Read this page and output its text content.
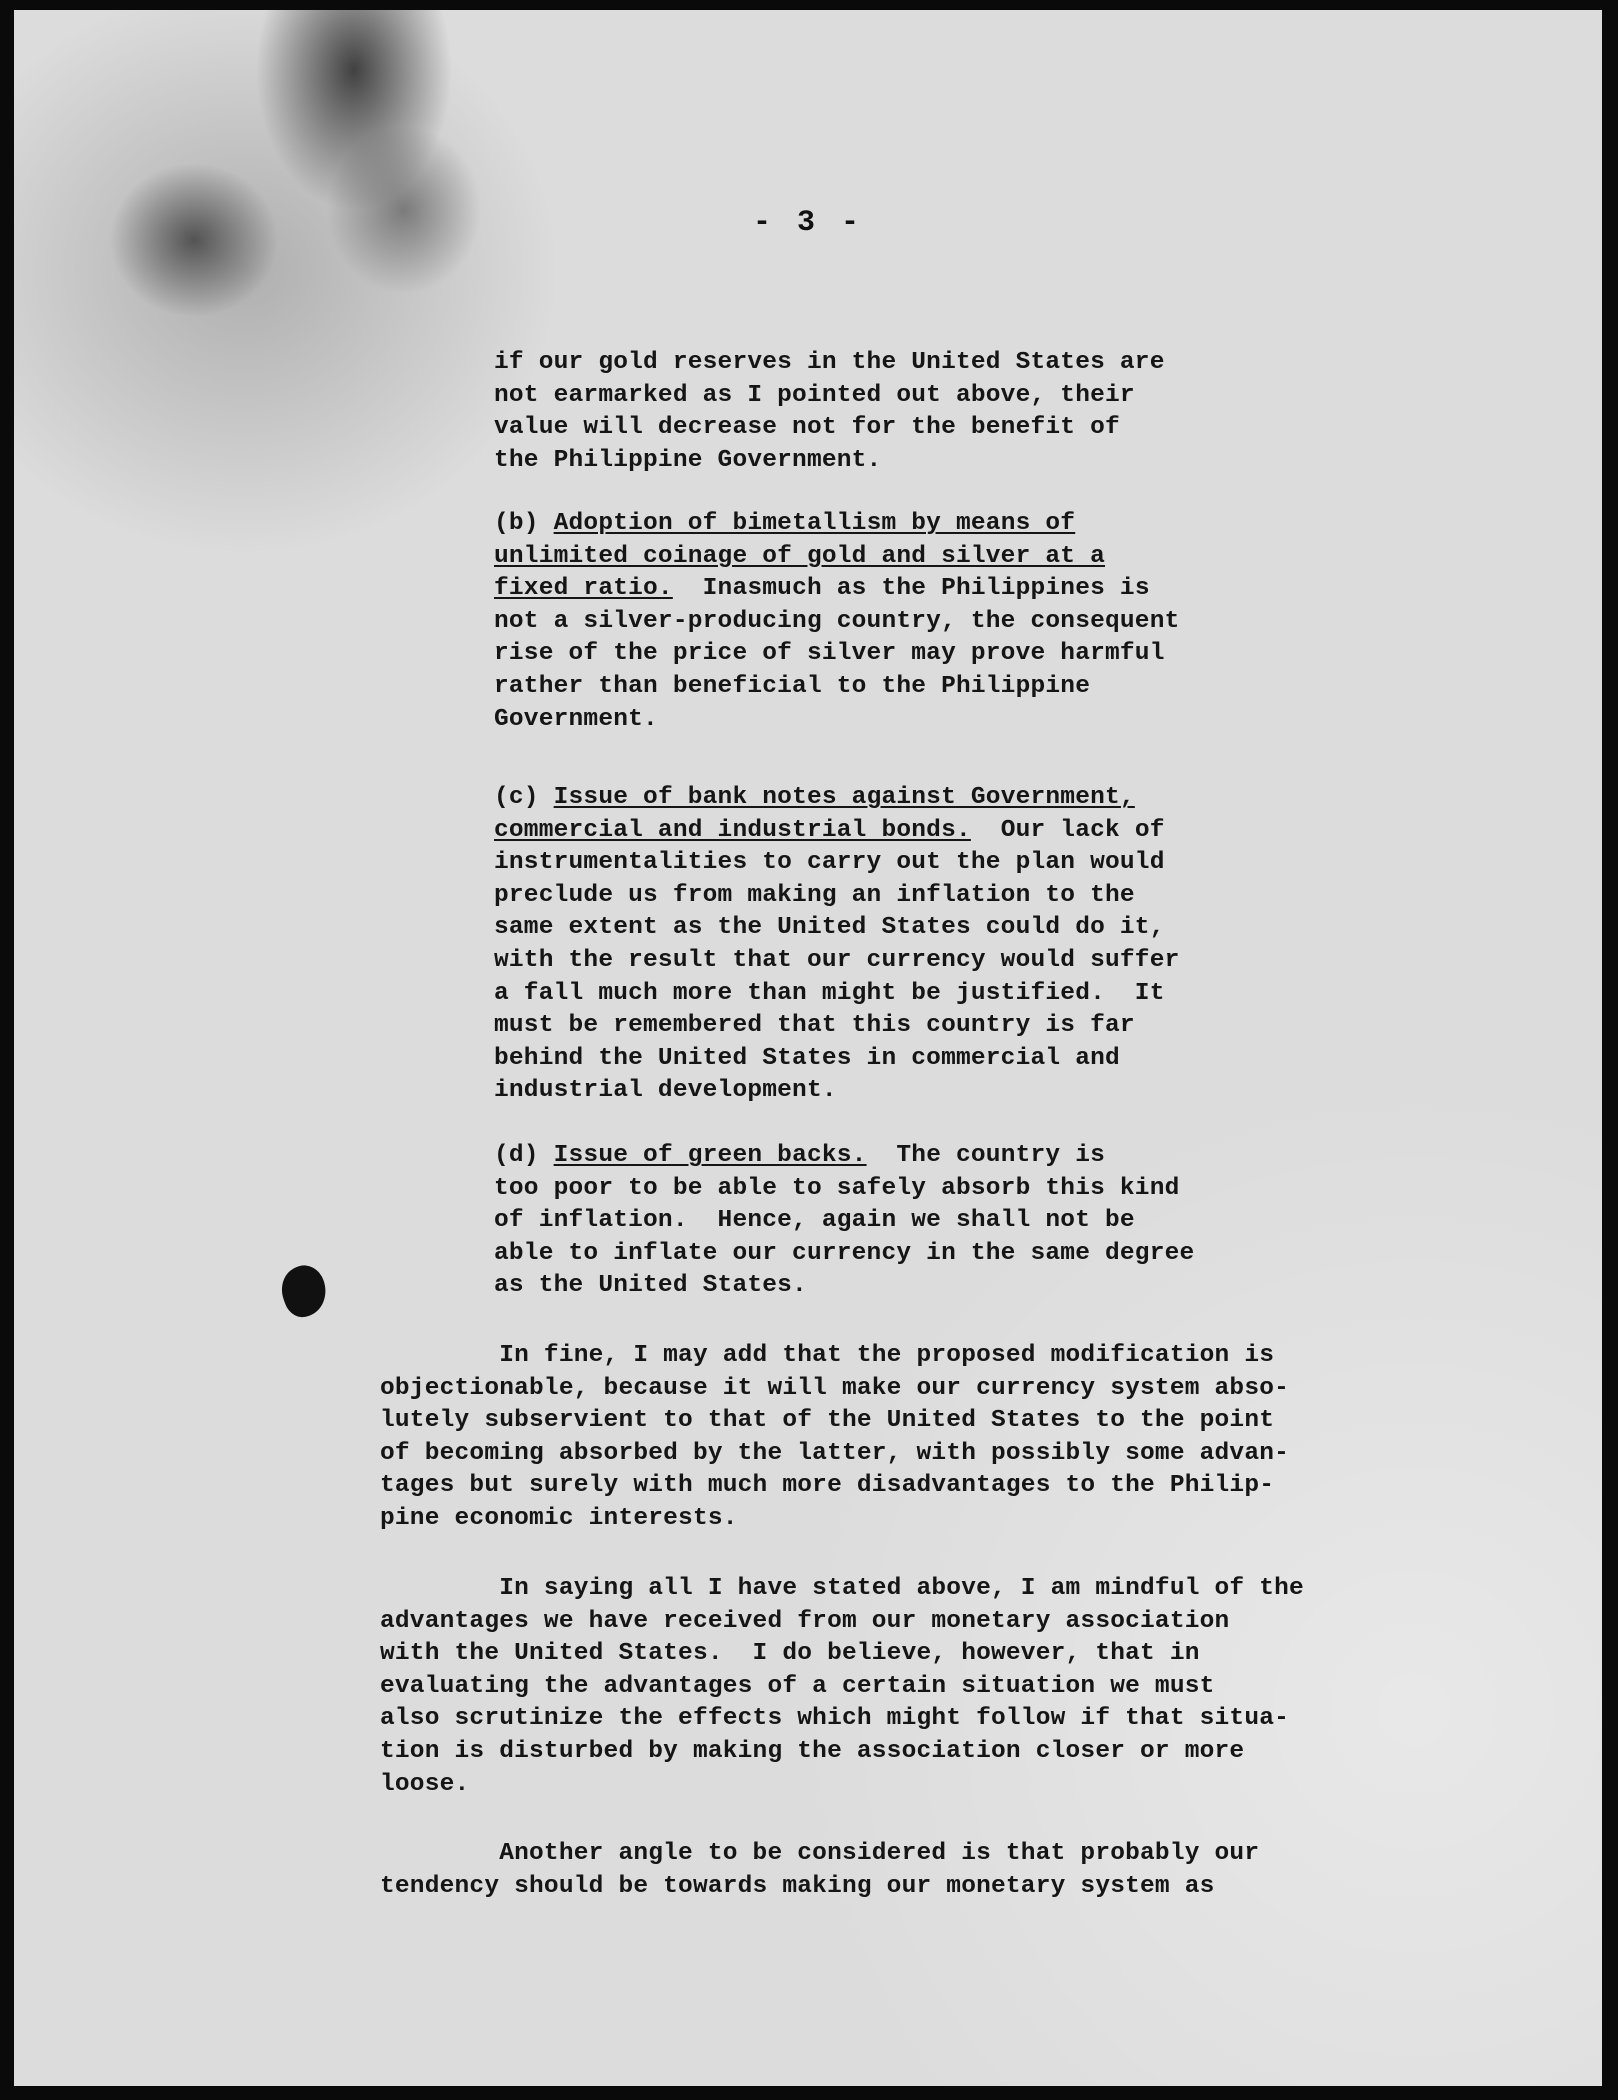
- 3 -
if our gold reserves in the United States are
not earmarked as I pointed out above, their
value will decrease not for the benefit of
the Philippine Government.
(b) Adoption of bimetallism by means of
unlimited coinage of gold and silver at a
fixed ratio.  Inasmuch as the Philippines is
not a silver-producing country, the consequent
rise of the price of silver may prove harmful
rather than beneficial to the Philippine
Government.
(c) Issue of bank notes against Government,
commercial and industrial bonds.  Our lack of
instrumentalities to carry out the plan would
preclude us from making an inflation to the
same extent as the United States could do it,
with the result that our currency would suffer
a fall much more than might be justified.  It
must be remembered that this country is far
behind the United States in commercial and
industrial development.
(d) Issue of green backs.  The country is
too poor to be able to safely absorb this kind
of inflation.  Hence, again we shall not be
able to inflate our currency in the same degree
as the United States.
In fine, I may add that the proposed modification is
objectionable, because it will make our currency system abso-
lutely subservient to that of the United States to the point
of becoming absorbed by the latter, with possibly some advan-
tages but surely with much more disadvantages to the Philip-
pine economic interests.
In saying all I have stated above, I am mindful of the
advantages we have received from our monetary association
with the United States.  I do believe, however, that in
evaluating the advantages of a certain situation we must
also scrutinize the effects which might follow if that situa-
tion is disturbed by making the association closer or more
loose.
Another angle to be considered is that probably our
tendency should be towards making our monetary system as
